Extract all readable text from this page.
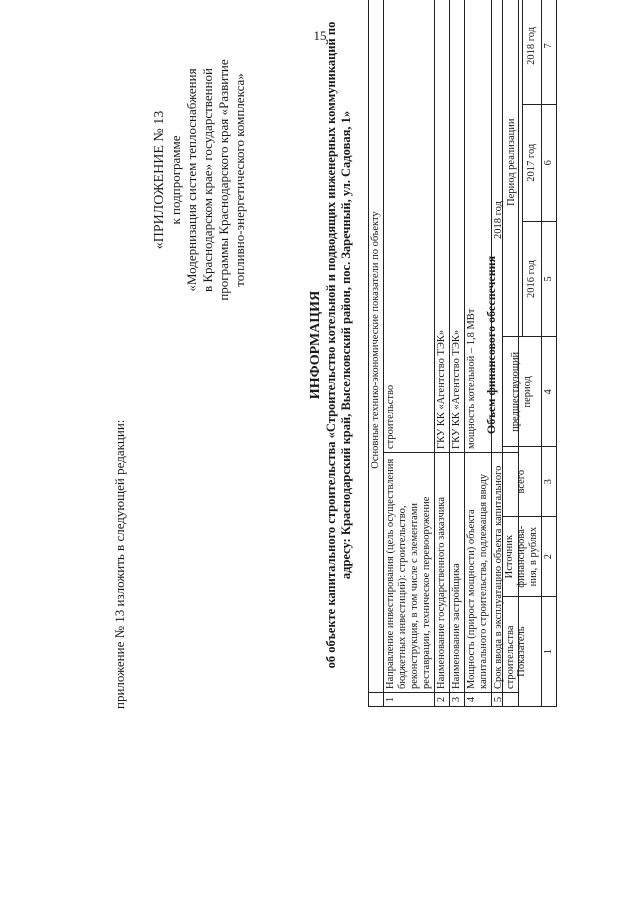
15
приложение № 13 изложить в следующей редакции:
«ПРИЛОЖЕНИЕ № 13 к подпрограмме «Модернизация систем теплоснабжения в Краснодарском крае» государственной программы Краснодарского края «Развитие топливно-энергетического комплекса»
ИНФОРМАЦИЯ об объекте капитального строительства «Строительство котельной и подводящих инженерных коммуникаций по адресу: Краснодарский край, Выселковский район, пос. Заречный, ул. Садовая, 1»
	Основные технико-экономические показатели по объекту	
1	Направление инвестирования (цель осуществления бюджетных инвестиций): строительство, реконструкция, в том числе с элементами реставрации, техническое перевооружение	строительство
2	Наименование государственного заказчика	ГКУ КК «Агентство ТЭК»
3	Наименование застройщика	ГКУ КК «Агентство ТЭК»
4	Мощность (прирост мощности) объекта капитального строительства, подлежащая вводу	мощность котельной – 1,8 МВт
5	Срок ввода в эксплуатацию объекта капитального строительства	2018 год
Объем финансового обеспечения
Показатель	Источник финансирова-ния, в рублях	всего	предшествующий период	Период реализации		
				2016 год	2017 год	2018 год
1	2	3	4	5	6	7
